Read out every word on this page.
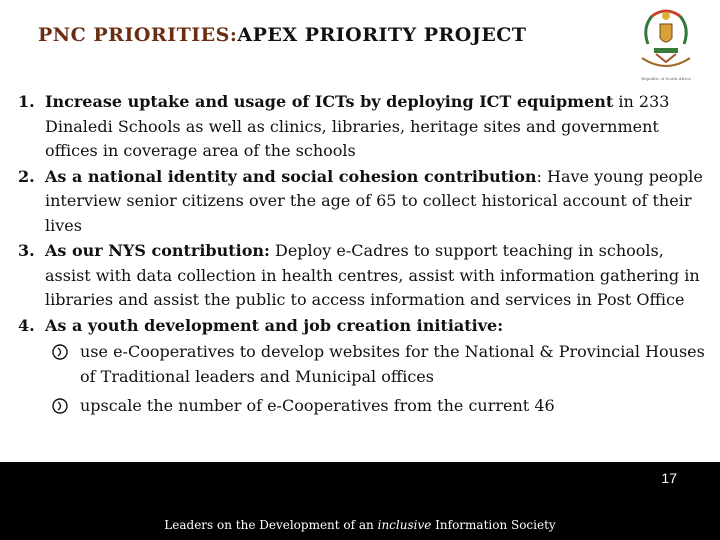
PNC PRIORITIES:APEX PRIORITY PROJECT
Republic of South Africa
1. Increase uptake and usage of ICTs by deploying ICT equipment in 233 Dinaledi Schools as well as clinics, libraries, heritage sites and government offices in coverage area of the schools
2. As a national identity and social cohesion contribution: Have young people interview senior citizens over the age of 65 to collect historical account of their lives
3. As our NYS contribution: Deploy e-Cadres to support teaching in schools, assist with data collection in health centres, assist with information gathering in libraries and assist the public to access information and services in Post Office
4. As a youth development and job creation initiative:
use e-Cooperatives to develop websites for the National & Provincial Houses of Traditional leaders and Municipal offices
upscale the number of e-Cooperatives from the current 46
17
Leaders on the Development of an inclusive Information Society
